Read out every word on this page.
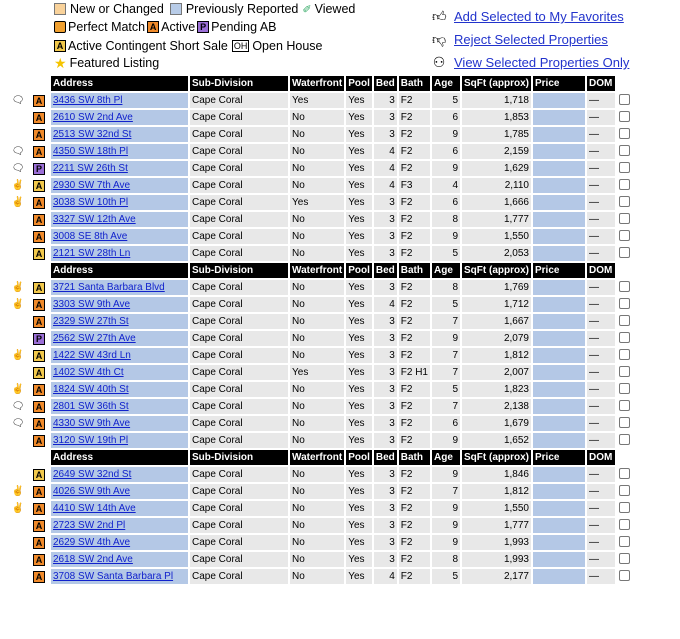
New or Changed Previously Reported ✐ Viewed
Perfect Match A Active P Pending AB
A Active Contingent Short Sale OH Open House
★ Featured Listing
👍︎ Add Selected to My Favorites
👎︎ Reject Selected Properties
⚇ View Selected Properties Only
		Address	Sub-Division	Waterfront	Pool	Bed	Bath	Age	SqFt (approx)	Price	DOM	
🗨︎	A	3436 SW 8th Pl	Cape Coral	Yes	Yes	3	F2	5	1,718		—	
	A	2610 SW 2nd Ave	Cape Coral	No	Yes	3	F2	6	1,853		—	
	A	2513 SW 32nd St	Cape Coral	No	Yes	3	F2	9	1,785		—	
🗨︎	A	4350 SW 18th Pl	Cape Coral	No	Yes	4	F2	6	2,159		—	
🗨︎	P	2211 SW 26th St	Cape Coral	No	Yes	4	F2	9	1,629		—	
✌	A	2930 SW 7th Ave	Cape Coral	No	Yes	4	F3	4	2,110		—	
✌	A	3038 SW 10th Pl	Cape Coral	Yes	Yes	3	F2	6	1,666		—	
	A	3327 SW 12th Ave	Cape Coral	No	Yes	3	F2	8	1,777		—	
	A	3008 SE 8th Ave	Cape Coral	No	Yes	3	F2	9	1,550		—	
	A	2121 SW 28th Ln	Cape Coral	No	Yes	3	F2	5	2,053		—	
		Address	Sub-Division	Waterfront	Pool	Bed	Bath	Age	SqFt (approx)	Price	DOM	
✌	A	3721 Santa Barbara Blvd	Cape Coral	No	Yes	3	F2	8	1,769		—	
✌	A	3303 SW 9th Ave	Cape Coral	No	Yes	4	F2	5	1,712		—	
	A	2329 SW 27th St	Cape Coral	No	Yes	3	F2	7	1,667		—	
	P	2562 SW 27th Ave	Cape Coral	No	Yes	3	F2	9	2,079		—	
✌	A	1422 SW 43rd Ln	Cape Coral	No	Yes	3	F2	7	1,812		—	
	A	1402 SW 4th Ct	Cape Coral	Yes	Yes	3	F2 H1	7	2,007		—	
✌	A	1824 SW 40th St	Cape Coral	No	Yes	3	F2	5	1,823		—	
🗨︎	A	2801 SW 36th St	Cape Coral	No	Yes	3	F2	7	2,138		—	
🗨︎	A	4330 SW 9th Ave	Cape Coral	No	Yes	3	F2	6	1,679		—	
	A	3120 SW 19th Pl	Cape Coral	No	Yes	3	F2	9	1,652		—	
		Address	Sub-Division	Waterfront	Pool	Bed	Bath	Age	SqFt (approx)	Price	DOM	
	A	2649 SW 32nd St	Cape Coral	No	Yes	3	F2	9	1,846		—	
✌	A	4026 SW 9th Ave	Cape Coral	No	Yes	3	F2	7	1,812		—	
✌	A	4410 SW 14th Ave	Cape Coral	No	Yes	3	F2	9	1,550		—	
	A	2723 SW 2nd Pl	Cape Coral	No	Yes	3	F2	9	1,777		—	
	A	2629 SW 4th Ave	Cape Coral	No	Yes	3	F2	9	1,993		—	
	A	2618 SW 2nd Ave	Cape Coral	No	Yes	3	F2	8	1,993		—	
	A	3708 SW Santa Barbara Pl	Cape Coral	No	Yes	4	F2	5	2,177		—	
